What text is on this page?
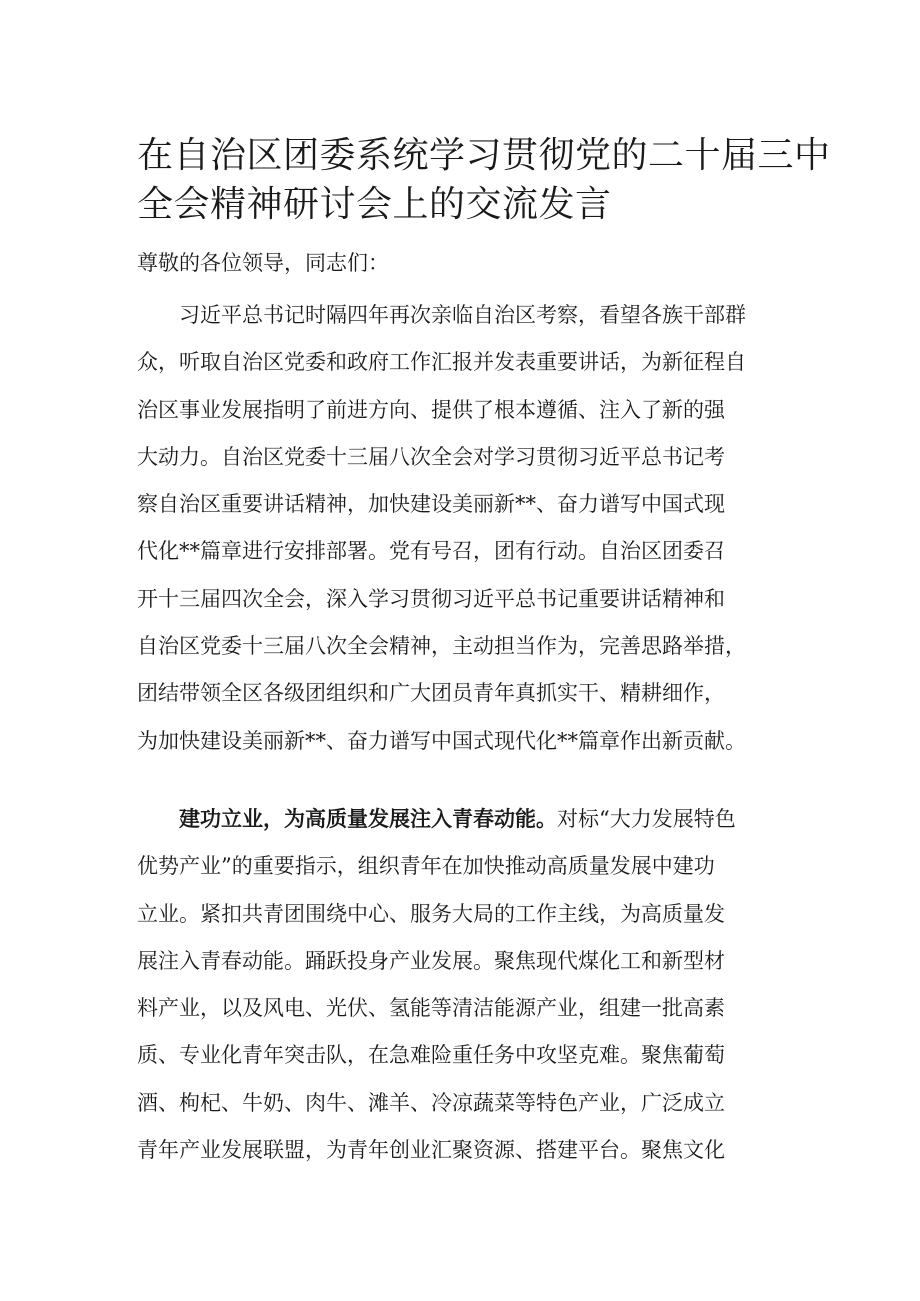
在自治区团委系统学习贯彻党的二十届三中
全会精神研讨会上的交流发言

尊敬的各位领导，同志们：

习近平总书记时隔四年再次亲临自治区考察，看望各族干部群
众，听取自治区党委和政府工作汇报并发表重要讲话，为新征程自
治区事业发展指明了前进方向、提供了根本遵循、注入了新的强
大动力。自治区党委十三届八次全会对学习贯彻习近平总书记考
察自治区重要讲话精神，加快建设美丽新**、奋力谱写中国式现
代化**篇章进行安排部署。党有号召，团有行动。自治区团委召
开十三届四次全会，深入学习贯彻习近平总书记重要讲话精神和
自治区党委十三届八次全会精神，主动担当作为，完善思路举措，
团结带领全区各级团组织和广大团员青年真抓实干、精耕细作，
为加快建设美丽新**、奋力谱写中国式现代化**篇章作出新贡献。
建功立业，为高质量发展注入青春动能。对标“大力发展特色
优势产业”的重要指示，组织青年在加快推动高质量发展中建功
立业。紧扣共青团围绕中心、服务大局的工作主线，为高质量发
展注入青春动能。踊跃投身产业发展。聚焦现代煤化工和新型材
料产业，以及风电、光伏、氢能等清洁能源产业，组建一批高素
质、专业化青年突击队，在急难险重任务中攻坚克难。聚焦葡萄
酒、枸杞、牛奶、肉牛、滩羊、冷凉蔬菜等特色产业，广泛成立
青年产业发展联盟，为青年创业汇聚资源、搭建平台。聚焦文化
